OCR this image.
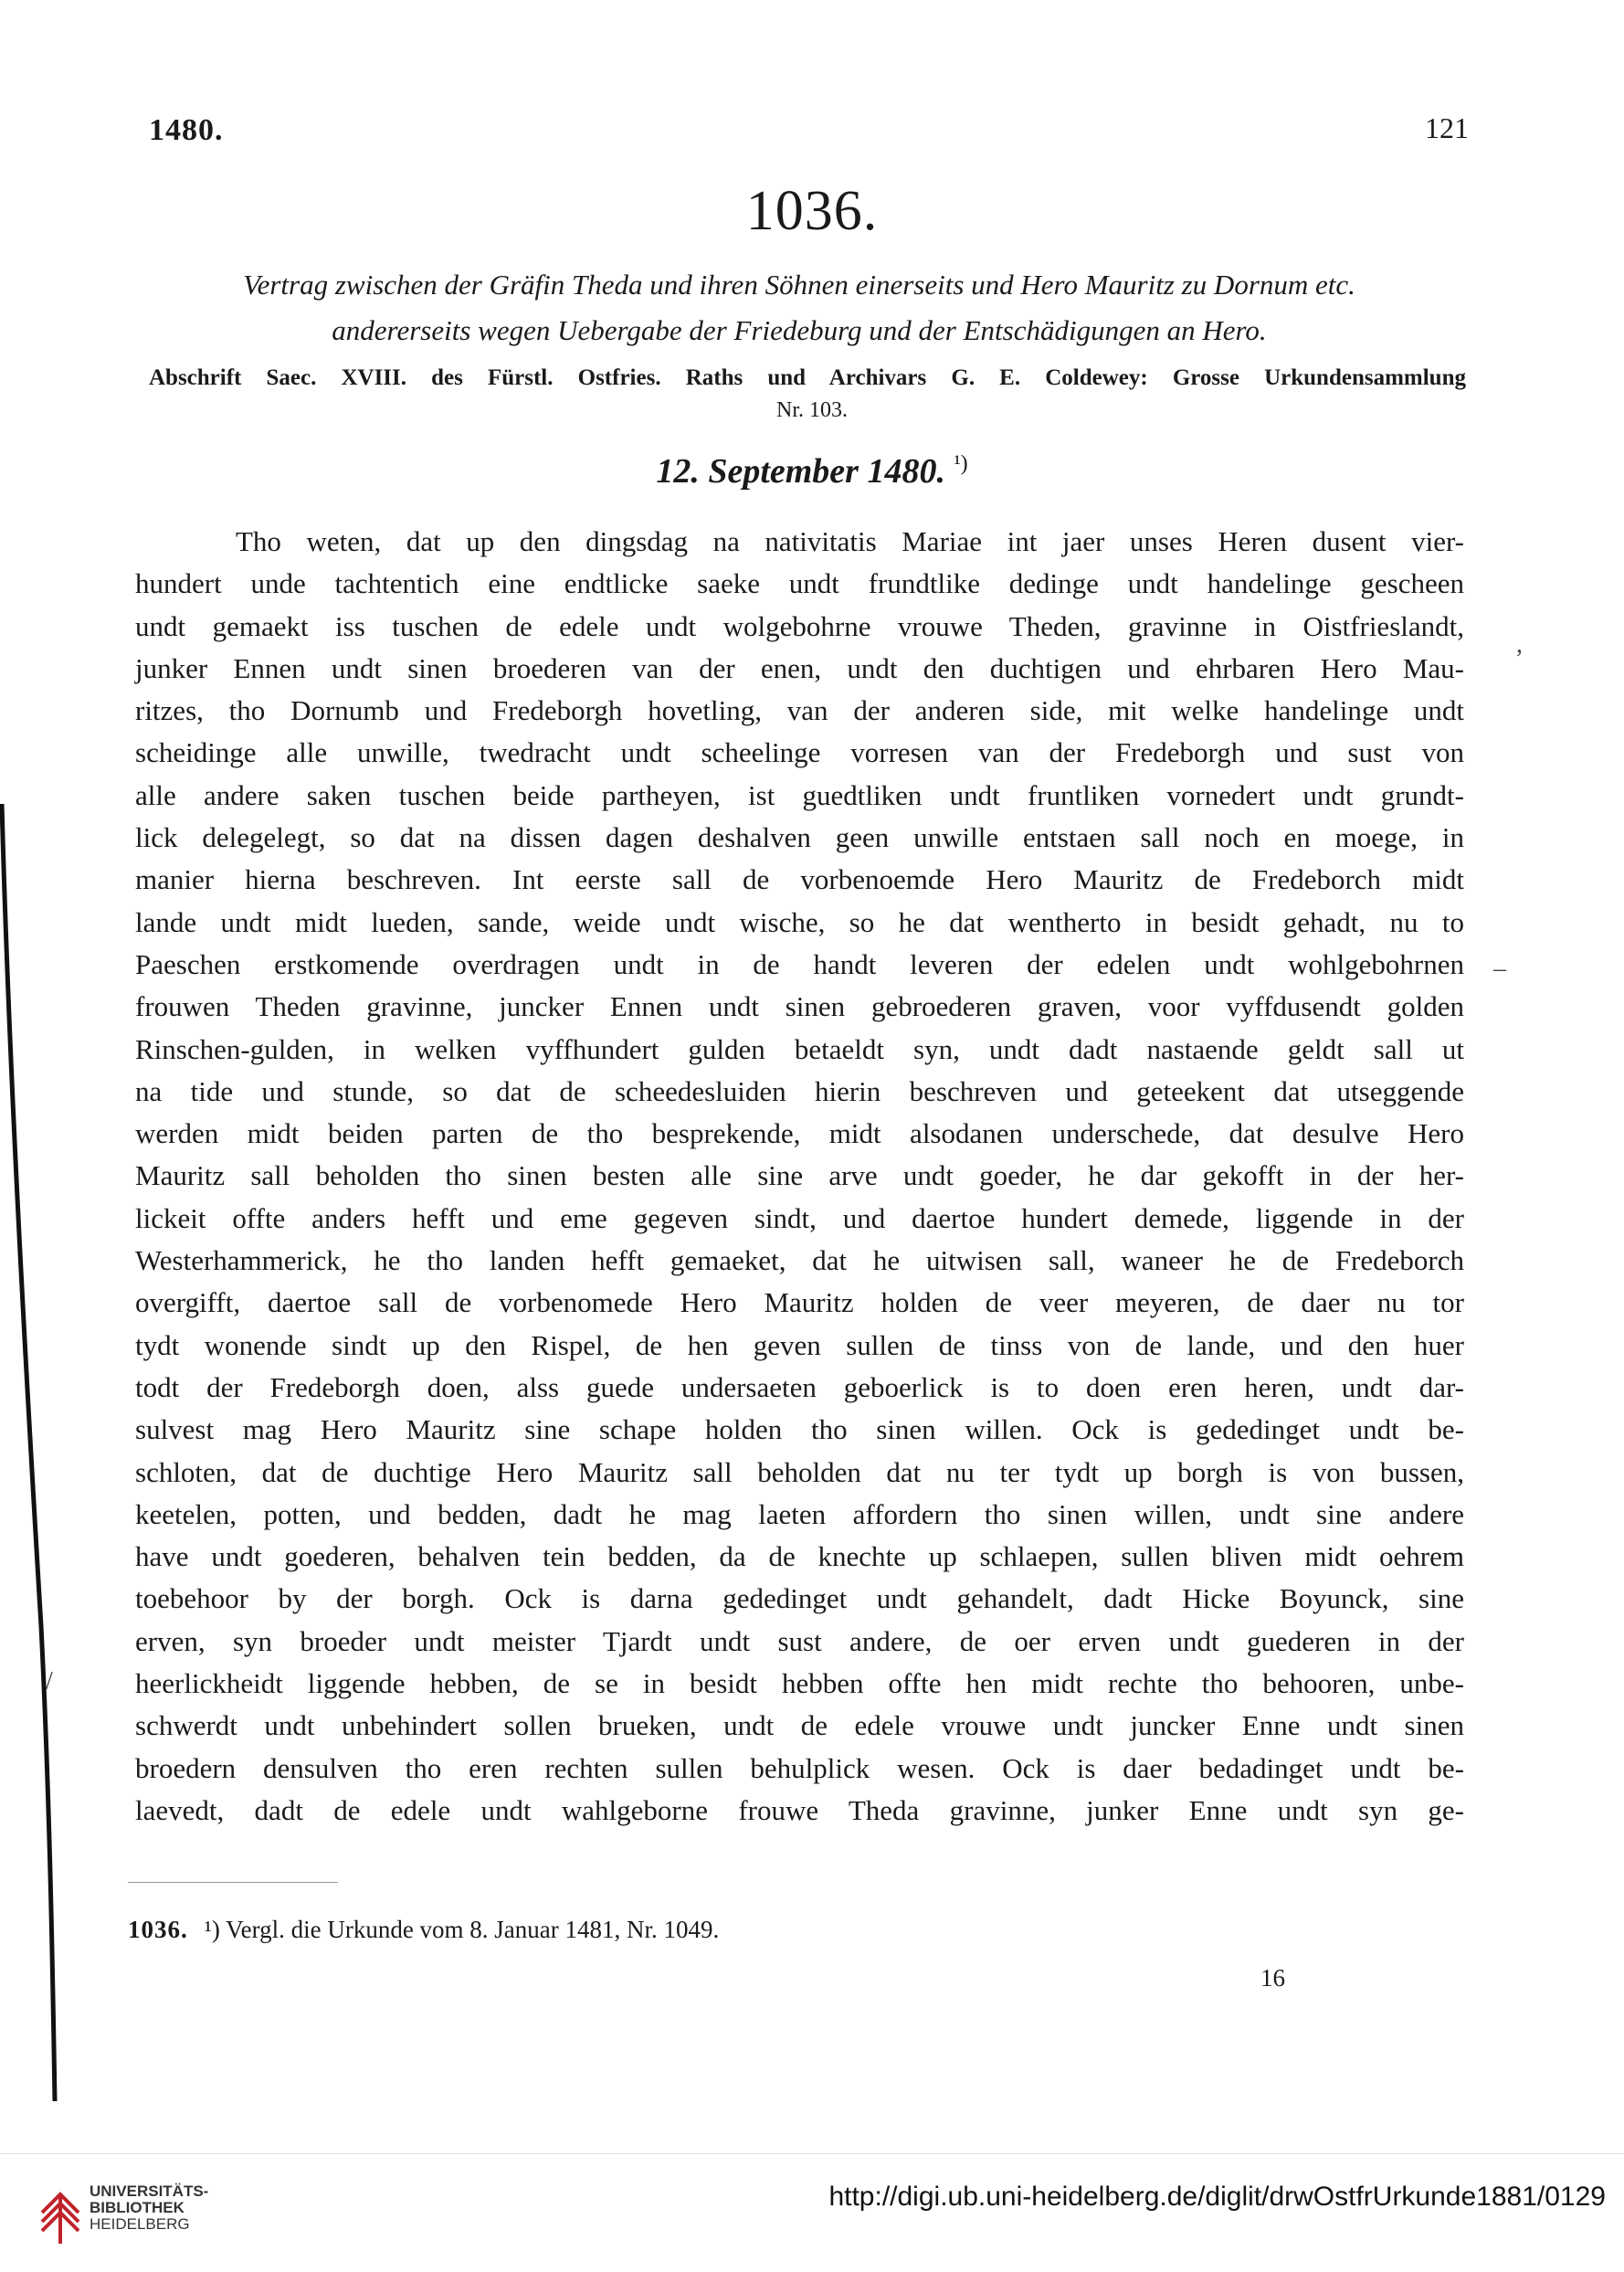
1480.	121
1036.
Vertrag zwischen der Gräfin Theda und ihren Söhnen einerseits und Hero Mauritz zu Dornum etc.
andererseits wegen Uebergabe der Friedeburg und der Entschädigungen an Hero.
Abschrift Saec. XVIII. des Fürstl. Ostfries. Raths und Archivars G. E. Coldewey: Grosse Urkundensammlung
Nr. 103.
12. September 1480. $^{^1)}$
Tho weten, dat up den dingsdag na nativitatis Mariae int jaer unses Heren dusent vier-
hundert unde tachtentich eine endtlicke saeke undt frundtlike dedinge undt handelinge gescheen
undt gemaekt iss tuschen de edele undt wolgebohrne vrouwe Theden, gravinne in Oistfrieslandt,
junker Ennen undt sinen broederen van der enen, undt den duchtigen und ehrbaren Hero Mau-
ritzes, tho Dornumb und Fredeborgh hovetling, van der anderen side, mit welke handelinge undt
scheidinge alle unwille, twedracht undt scheelinge vorresen van der Fredeborgh und sust von
alle andere saken tuschen beide partheyen, ist guedtliken undt fruntliken vornedert undt grundt-
lick delegelegt, so dat na dissen dagen deshalven geen unwille entstaen sall noch en moege, in
manier hierna beschreven. Int eerste sall de vorbenoemde Hero Mauritz de Fredeborch midt
lande undt midt lueden, sande, weide undt wische, so he dat wentherto in besidt gehadt, nu to
Paeschen erstkomende overdragen undt in de handt leveren der edelen undt wohlgebohrnen
frouwen Theden gravinne, juncker Ennen undt sinen gebroederen graven, voor vyffdusendt golden
Rinschen-gulden, in welken vyffhundert gulden betaeldt syn, undt dadt nastaende geldt sall ut
na tide und stunde, so dat de scheedesluiden hierin beschreven und geteekent dat utseggende
werden midt beiden parten de tho besprekende, midt alsodanen underschede, dat desulve Hero
Mauritz sall beholden tho sinen besten alle sine arve undt goeder, he dar gekofft in der her-
lickeit offte anders hefft und eme gegeven sindt, und daertoe hundert demede, liggende in der
Westerhammerick, he tho landen hefft gemaeket, dat he uitwisen sall, waneer he de Fredeborch
overgifft, daertoe sall de vorbenomede Hero Mauritz holden de veer meyeren, de daer nu tor
tydt wonende sindt up den Rispel, de hen geven sullen de tinss von de lande, und den huer
todt der Fredeborgh doen, alss guede undersaeten geboerlick is to doen eren heren, undt dar-
sulvest mag Hero Mauritz sine schape holden tho sinen willen. Ock is gededinget undt be-
schloten, dat de duchtige Hero Mauritz sall beholden dat nu ter tydt up borgh is von bussen,
keetelen, potten, und bedden, dadt he mag laeten affordern tho sinen willen, undt sine andere
have undt goederen, behalven tein bedden, da de knechte up schlaepen, sullen bliven midt oehrem
toebehoor by der borgh. Ock is darna gededinget undt gehandelt, dadt Hicke Boyunck, sine
erven, syn broeder undt meister Tjardt undt sust andere, de oer erven undt guederen in der
heerlickheidt liggende hebben, de se in besidt hebben offte hen midt rechte tho behooren, unbe-
schwerdt undt unbehindert sollen brueken, undt de edele vrouwe undt juncker Enne undt sinen
broedern densulven tho eren rechten sullen behulplick wesen. Ock is daer bedadinget undt be-
laevedt, dadt de edele undt wahlgeborne frouwe Theda gravinne, junker Enne undt syn ge-
,
–
/
1036. ¹) Vergl. die Urkunde vom 8. Januar 1481, Nr. 1049.
16
UNIVERSITÄTS-
BIBLIOTHEK
HEIDELBERG
http://digi.ub.uni-heidelberg.de/diglit/drwOstfrUrkunde1881/0129
